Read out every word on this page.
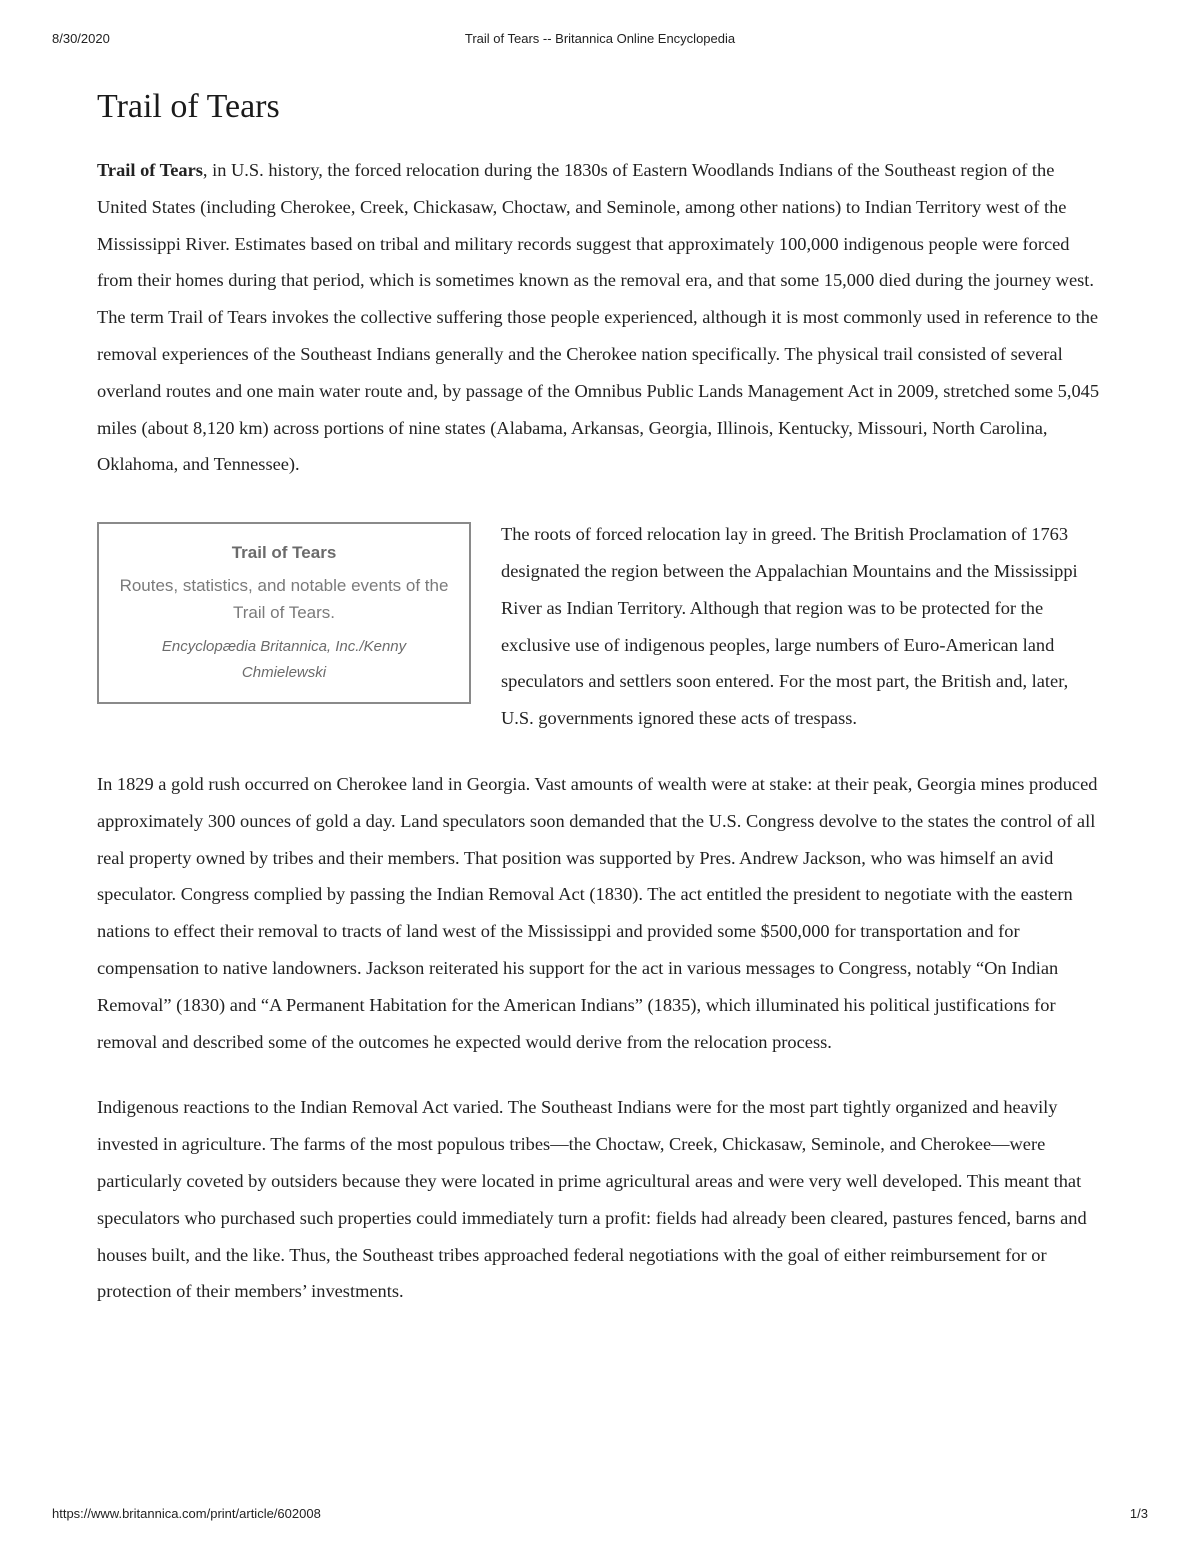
8/30/2020	Trail of Tears -- Britannica Online Encyclopedia
Trail of Tears

Trail of Tears, in U.S. history, the forced relocation during the 1830s of Eastern Woodlands Indians of the Southeast region of the United States (including Cherokee, Creek, Chickasaw, Choctaw, and Seminole, among other nations) to Indian Territory west of the Mississippi River. Estimates based on tribal and military records suggest that approximately 100,000 indigenous people were forced from their homes during that period, which is sometimes known as the removal era, and that some 15,000 died during the journey west. The term Trail of Tears invokes the collective suffering those people experienced, although it is most commonly used in reference to the removal experiences of the Southeast Indians generally and the Cherokee nation specifically. The physical trail consisted of several overland routes and one main water route and, by passage of the Omnibus Public Lands Management Act in 2009, stretched some 5,045 miles (about 8,120 km) across portions of nine states (Alabama, Arkansas, Georgia, Illinois, Kentucky, Missouri, North Carolina, Oklahoma, and Tennessee).

Trail of Tears
Routes, statistics, and notable events of the Trail of Tears.
Encyclopædia Britannica, Inc./Kenny Chmielewski

The roots of forced relocation lay in greed. The British Proclamation of 1763 designated the region between the Appalachian Mountains and the Mississippi River as Indian Territory. Although that region was to be protected for the exclusive use of indigenous peoples, large numbers of Euro-American land speculators and settlers soon entered. For the most part, the British and, later, U.S. governments ignored these acts of trespass.

In 1829 a gold rush occurred on Cherokee land in Georgia. Vast amounts of wealth were at stake: at their peak, Georgia mines produced approximately 300 ounces of gold a day. Land speculators soon demanded that the U.S. Congress devolve to the states the control of all real property owned by tribes and their members. That position was supported by Pres. Andrew Jackson, who was himself an avid speculator. Congress complied by passing the Indian Removal Act (1830). The act entitled the president to negotiate with the eastern nations to effect their removal to tracts of land west of the Mississippi and provided some $500,000 for transportation and for compensation to native landowners. Jackson reiterated his support for the act in various messages to Congress, notably “On Indian Removal” (1830) and “A Permanent Habitation for the American Indians” (1835), which illuminated his political justifications for removal and described some of the outcomes he expected would derive from the relocation process.

Indigenous reactions to the Indian Removal Act varied. The Southeast Indians were for the most part tightly organized and heavily invested in agriculture. The farms of the most populous tribes—the Choctaw, Creek, Chickasaw, Seminole, and Cherokee—were particularly coveted by outsiders because they were located in prime agricultural areas and were very well developed. This meant that speculators who purchased such properties could immediately turn a profit: fields had already been cleared, pastures fenced, barns and houses built, and the like. Thus, the Southeast tribes approached federal negotiations with the goal of either reimbursement for or protection of their members’ investments.

https://www.britannica.com/print/article/602008	1/3
